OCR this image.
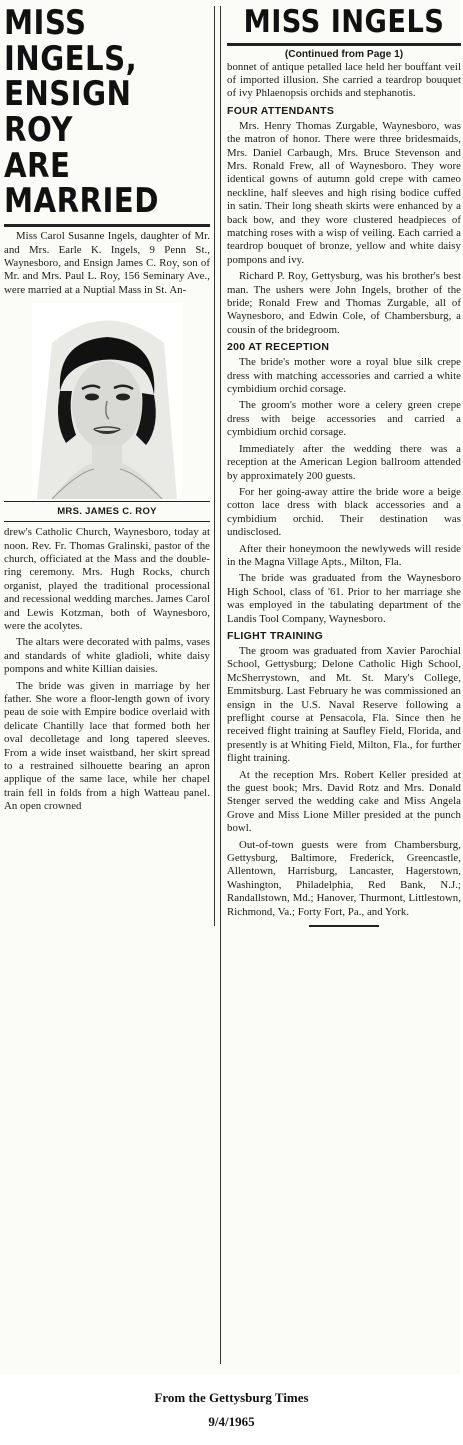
MISS INGELS,
ENSIGN ROY
ARE MARRIED

Miss Carol Susanne Ingels, daughter of Mr. and Mrs. Earle K. Ingels, 9 Penn St., Waynesboro, and Ensign James C. Roy, son of Mr. and Mrs. Paul L. Roy, 156 Seminary Ave., were married at a Nuptial Mass in St. An-

MRS. JAMES C. ROY

drew's Catholic Church, Waynesboro, today at noon. Rev. Fr. Thomas Gralinski, pastor of the church, officiated at the Mass and the double-ring ceremony. Mrs. Hugh Rocks, church organist, played the traditional processional and recessional wedding marches. James Carol and Lewis Kotzman, both of Waynesboro, were the acolytes.

The altars were decorated with palms, vases and standards of white gladioli, white daisy pompons and white Killian daisies.

The bride was given in marriage by her father. She wore a floor-length gown of ivory peau de soie with Empire bodice overlaid with delicate Chantilly lace that formed both her oval decolletage and long tapered sleeves. From a wide inset waistband, her skirt spread to a restrained silhouette bearing an apron applique of the same lace, while her chapel train fell in folds from a high Watteau panel. An open crowned

MISS INGELS
(Continued from Page 1)

bonnet of antique petalled lace held her bouffant veil of imported illusion. She carried a teardrop bouquet of ivy Phlaenopsis orchids and stephanotis.

FOUR ATTENDANTS

Mrs. Henry Thomas Zurgable, Waynesboro, was the matron of honor. There were three bridesmaids, Mrs. Daniel Carbaugh, Mrs. Bruce Stevenson and Mrs. Ronald Frew, all of Waynesboro. They wore identical gowns of autumn gold crepe with cameo neckline, half sleeves and high rising bodice cuffed in satin. Their long sheath skirts were enhanced by a back bow, and they wore clustered headpieces of matching roses with a wisp of veiling. Each carried a teardrop bouquet of bronze, yellow and white daisy pompons and ivy.

Richard P. Roy, Gettysburg, was his brother's best man. The ushers were John Ingels, brother of the bride; Ronald Frew and Thomas Zurgable, all of Waynesboro, and Edwin Cole, of Chambersburg, a cousin of the bridegroom.

200 AT RECEPTION

The bride's mother wore a royal blue silk crepe dress with matching accessories and carried a white cymbidium orchid corsage.

The groom's mother wore a celery green crepe dress with beige accessories and carried a cymbidium orchid corsage.

Immediately after the wedding there was a reception at the American Legion ballroom attended by approximately 200 guests.

For her going-away attire the bride wore a beige cotton lace dress with black accessories and a cymbidium orchid. Their destination was undisclosed.

After their honeymoon the newlyweds will reside in the Magna Village Apts., Milton, Fla.

The bride was graduated from the Waynesboro High School, class of '61. Prior to her marriage she was employed in the tabulating department of the Landis Tool Company, Waynesboro.

FLIGHT TRAINING

The groom was graduated from Xavier Parochial School, Gettysburg; Delone Catholic High School, McSherrystown, and Mt. St. Mary's College, Emmitsburg. Last February he was commissioned an ensign in the U.S. Naval Reserve following a preflight course at Pensacola, Fla. Since then he received flight training at Saufley Field, Florida, and presently is at Whiting Field, Milton, Fla., for further flight training.

At the reception Mrs. Robert Keller presided at the guest book; Mrs. David Rotz and Mrs. Donald Stenger served the wedding cake and Miss Angela Grove and Miss Lione Miller presided at the punch bowl.

Out-of-town guests were from Chambersburg, Gettysburg, Baltimore, Frederick, Greencastle, Allentown, Harrisburg, Lancaster, Hagerstown, Washington, Philadelphia, Red Bank, N.J.; Randallstown, Md.; Hanover, Thurmont, Littlestown, Richmond, Va.; Forty Fort, Pa., and York.

From the Gettysburg Times
9/4/1965
